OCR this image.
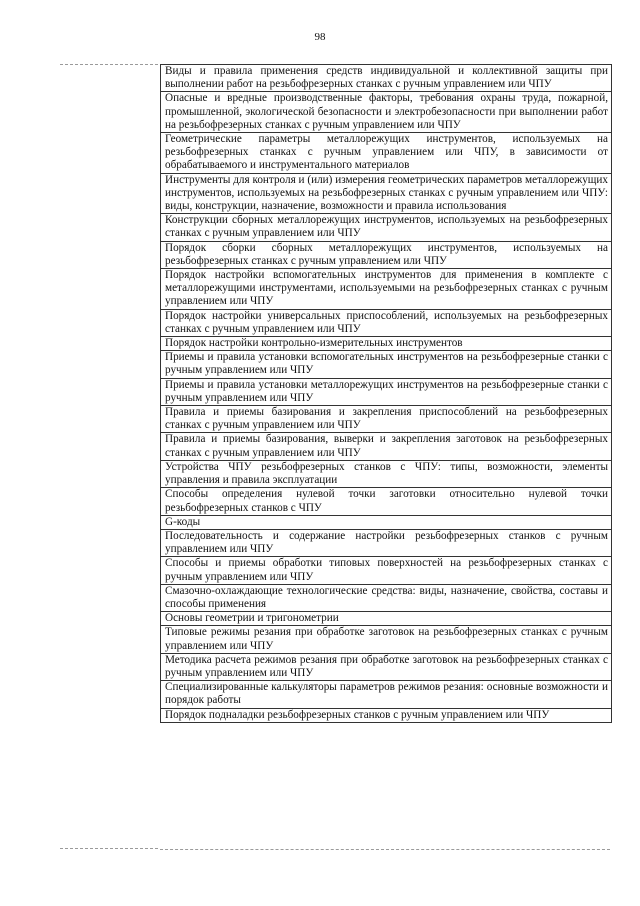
98
Виды и правила применения средств индивидуальной и коллективной защиты при выполнении работ на резьбофрезерных станках с ручным управлением или ЧПУ
Опасные и вредные производственные факторы, требования охраны труда, пожарной, промышленной, экологической безопасности и электробезопасности при выполнении работ на резьбофрезерных станках с ручным управлением или ЧПУ
Геометрические параметры металлорежущих инструментов, используемых на резьбофрезерных станках с ручным управлением или ЧПУ, в зависимости от обрабатываемого и инструментального материалов
Инструменты для контроля и (или) измерения геометрических параметров металлорежущих инструментов, используемых на резьбофрезерных станках с ручным управлением или ЧПУ: виды, конструкции, назначение, возможности и правила использования
Конструкции сборных металлорежущих инструментов, используемых на резьбофрезерных станках с ручным управлением или ЧПУ
Порядок сборки сборных металлорежущих инструментов, используемых на резьбофрезерных станках с ручным управлением или ЧПУ
Порядок настройки вспомогательных инструментов для применения в комплекте с металлорежущими инструментами, используемыми на резьбофрезерных станках с ручным управлением или ЧПУ
Порядок настройки универсальных приспособлений, используемых на резьбофрезерных станках с ручным управлением или ЧПУ
Порядок настройки контрольно-измерительных инструментов
Приемы и правила установки вспомогательных инструментов на резьбофрезерные станки с ручным управлением или ЧПУ
Приемы и правила установки металлорежущих инструментов на резьбофрезерные станки с ручным управлением или ЧПУ
Правила и приемы базирования и закрепления приспособлений на резьбофрезерных станках с ручным управлением или ЧПУ
Правила и приемы базирования, выверки и закрепления заготовок на резьбофрезерных станках с ручным управлением или ЧПУ
Устройства ЧПУ резьбофрезерных станков с ЧПУ: типы, возможности, элементы управления и правила эксплуатации
Способы определения нулевой точки заготовки относительно нулевой точки резьбофрезерных станков с ЧПУ
G-коды
Последовательность и содержание настройки резьбофрезерных станков с ручным управлением или ЧПУ
Способы и приемы обработки типовых поверхностей на резьбофрезерных станках с ручным управлением или ЧПУ
Смазочно-охлаждающие технологические средства: виды, назначение, свойства, составы и способы применения
Основы геометрии и тригонометрии
Типовые режимы резания при обработке заготовок на резьбофрезерных станках с ручным управлением или ЧПУ
Методика расчета режимов резания при обработке заготовок на резьбофрезерных станках с ручным управлением или ЧПУ
Специализированные калькуляторы параметров режимов резания: основные возможности и порядок работы
Порядок подналадки резьбофрезерных станков с ручным управлением или ЧПУ
